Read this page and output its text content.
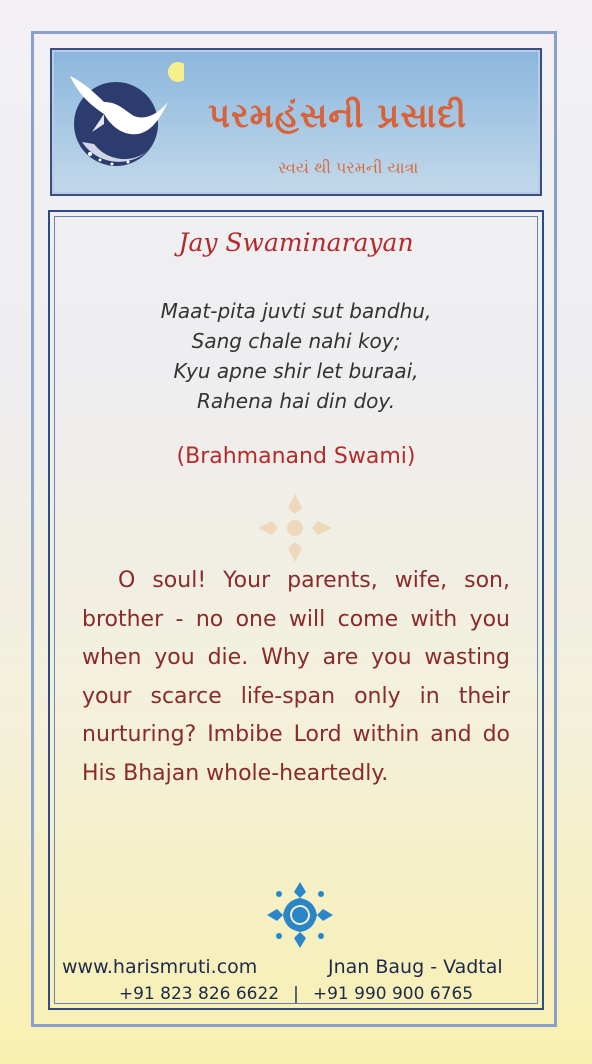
પરમહંસની પ્રસાદી
સ્વયં થી પરમની યાત્રા
Jay Swaminarayan
Maat-pita juvti sut bandhu,
Sang chale nahi koy;
Kyu apne shir let buraai,
Rahena hai din doy.
(Brahmanand Swami)
O soul! Your parents, wife, son, brother - no one will come with you when you die. Why are you wasting your scarce life-span only in their nurturing? Imbibe Lord within and do His Bhajan whole-heartedly.
www.harismruti.com	Jnan Baug - Vadtal
+91 823 826 6622 | +91 990 900 6765
